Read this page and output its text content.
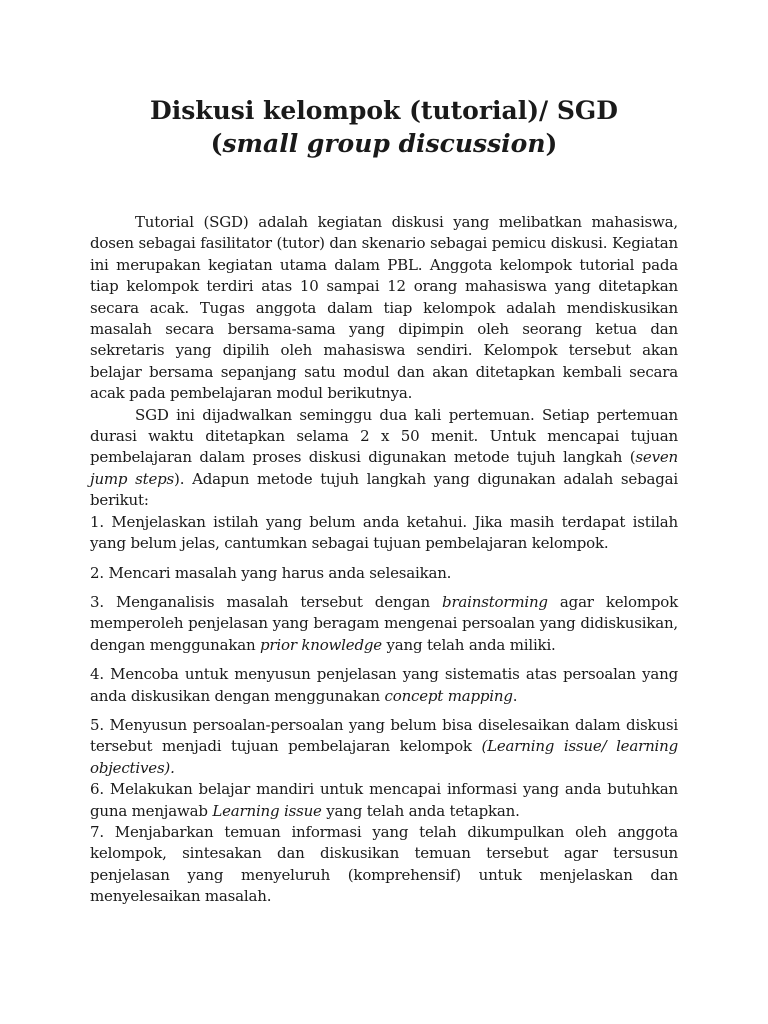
Diskusi kelompok (tutorial)/ SGD
(small group discussion)

Tutorial (SGD) adalah kegiatan diskusi yang melibatkan mahasiswa, dosen sebagai fasilitator (tutor) dan skenario sebagai pemicu diskusi. Kegiatan ini merupakan kegiatan utama dalam PBL. Anggota kelompok tutorial pada tiap kelompok terdiri atas 10 sampai 12 orang mahasiswa yang ditetapkan secara acak. Tugas anggota dalam tiap kelompok adalah mendiskusikan masalah secara bersama-sama yang dipimpin oleh seorang ketua dan sekretaris yang dipilih oleh mahasiswa sendiri. Kelompok tersebut akan belajar bersama sepanjang satu modul dan akan ditetapkan kembali secara acak pada pembelajaran modul berikutnya.

SGD ini dijadwalkan seminggu dua kali pertemuan. Setiap pertemuan durasi waktu ditetapkan selama 2 x 50 menit. Untuk mencapai tujuan pembelajaran dalam proses diskusi digunakan metode tujuh langkah (seven jump steps). Adapun metode tujuh langkah yang digunakan adalah sebagai berikut:

1. Menjelaskan istilah yang belum anda ketahui. Jika masih terdapat istilah yang belum jelas, cantumkan sebagai tujuan pembelajaran kelompok.

2. Mencari masalah yang harus anda selesaikan.

3. Menganalisis masalah tersebut dengan brainstorming agar kelompok memperoleh penjelasan yang beragam mengenai persoalan yang didiskusikan, dengan menggunakan prior knowledge yang telah anda miliki.

4. Mencoba untuk menyusun penjelasan yang sistematis atas persoalan yang anda diskusikan dengan menggunakan concept mapping.

5. Menyusun persoalan-persoalan yang belum bisa diselesaikan dalam diskusi tersebut menjadi tujuan pembelajaran kelompok (Learning issue/ learning objectives).

6. Melakukan belajar mandiri untuk mencapai informasi yang anda butuhkan guna menjawab Learning issue yang telah anda tetapkan.

7. Menjabarkan temuan informasi yang telah dikumpulkan oleh anggota kelompok, sintesakan dan diskusikan temuan tersebut agar tersusun penjelasan yang menyeluruh (komprehensif) untuk menjelaskan dan menyelesaikan masalah.
